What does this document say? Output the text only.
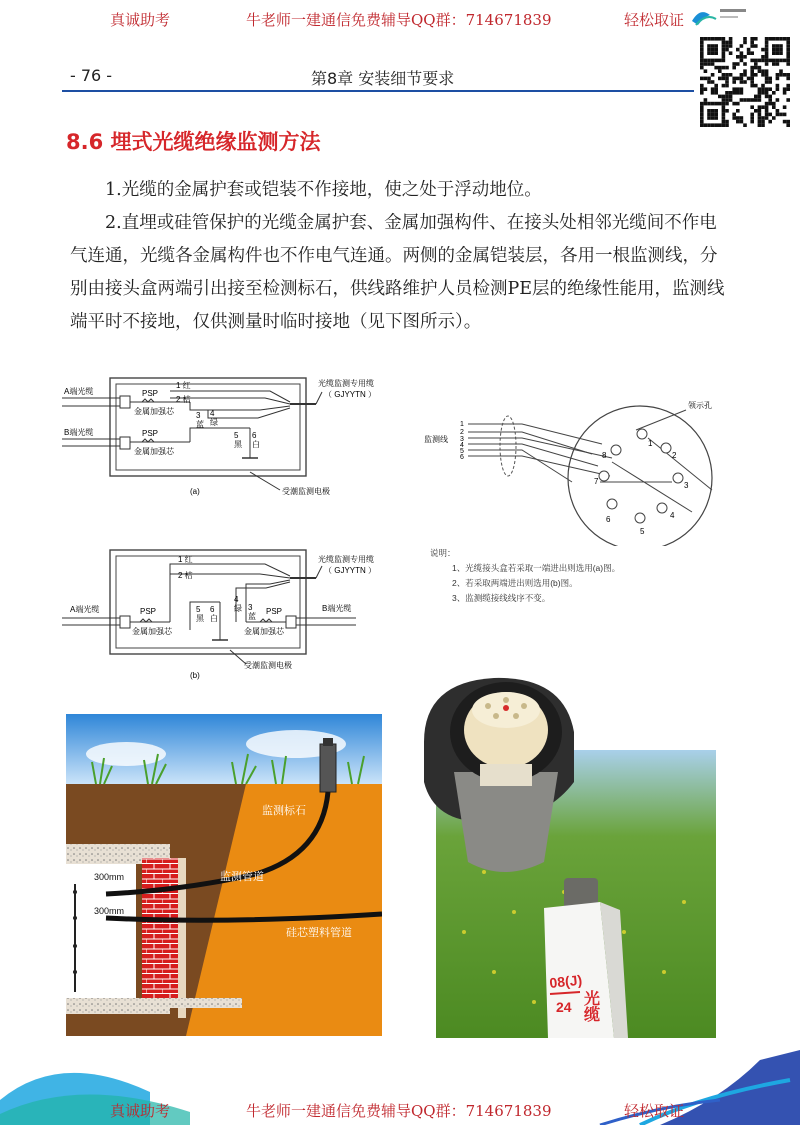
真诚助考	牛老师一建通信免费辅导QQ群：714671839	轻松取证
- 76 -	第8章 安装细节要求
8.6 埋式光缆绝缘监测方法

1.光缆的金属护套或铠装不作接地，使之处于浮动地位。

2.直埋或硅管保护的光缆金属护套、金属加强构件、在接头处相邻光缆间不作电气连通，光缆各金属构件也不作电气连通。两侧的金属铠装层，各用一根监测线，分别由接头盒两端引出接至检测标石，供线路维护人员检测PE层的绝缘性能用，监测线端平时不接地，仅供测量时临时接地（见下图所示）。

A端光缆
B端光缆
PSP
PSP
金属加强芯
金属加强芯
1 红
2 桔
3 蓝
4 绿
5 黑
6 白
光缆监测专用缆
（ GJYYTN ）
受潮监测电极
(a)
A端光缆	B端光缆
PSP	PSP
金属加强芯	金属加强芯
1 红
2 桔
5 黑
6 白
4 绿 3 蓝
光缆监测专用缆
（ GJYYTN ）
受潮监测电极
(b)
监测线
1
2
3
4
5
6
领示孔
1
2
3
4
5
6
7
8
说明：
1、光缆接头盒若采取一端进出则选用(a)图。
2、若采取两端进出则选用(b)图。
3、监测缆接线线序不变。
监测标石
监测管道
硅芯塑料管道
300mm
300mm
08(J)
24 光缆
真诚助考	牛老师一建通信免费辅导QQ群：714671839	轻松取证
